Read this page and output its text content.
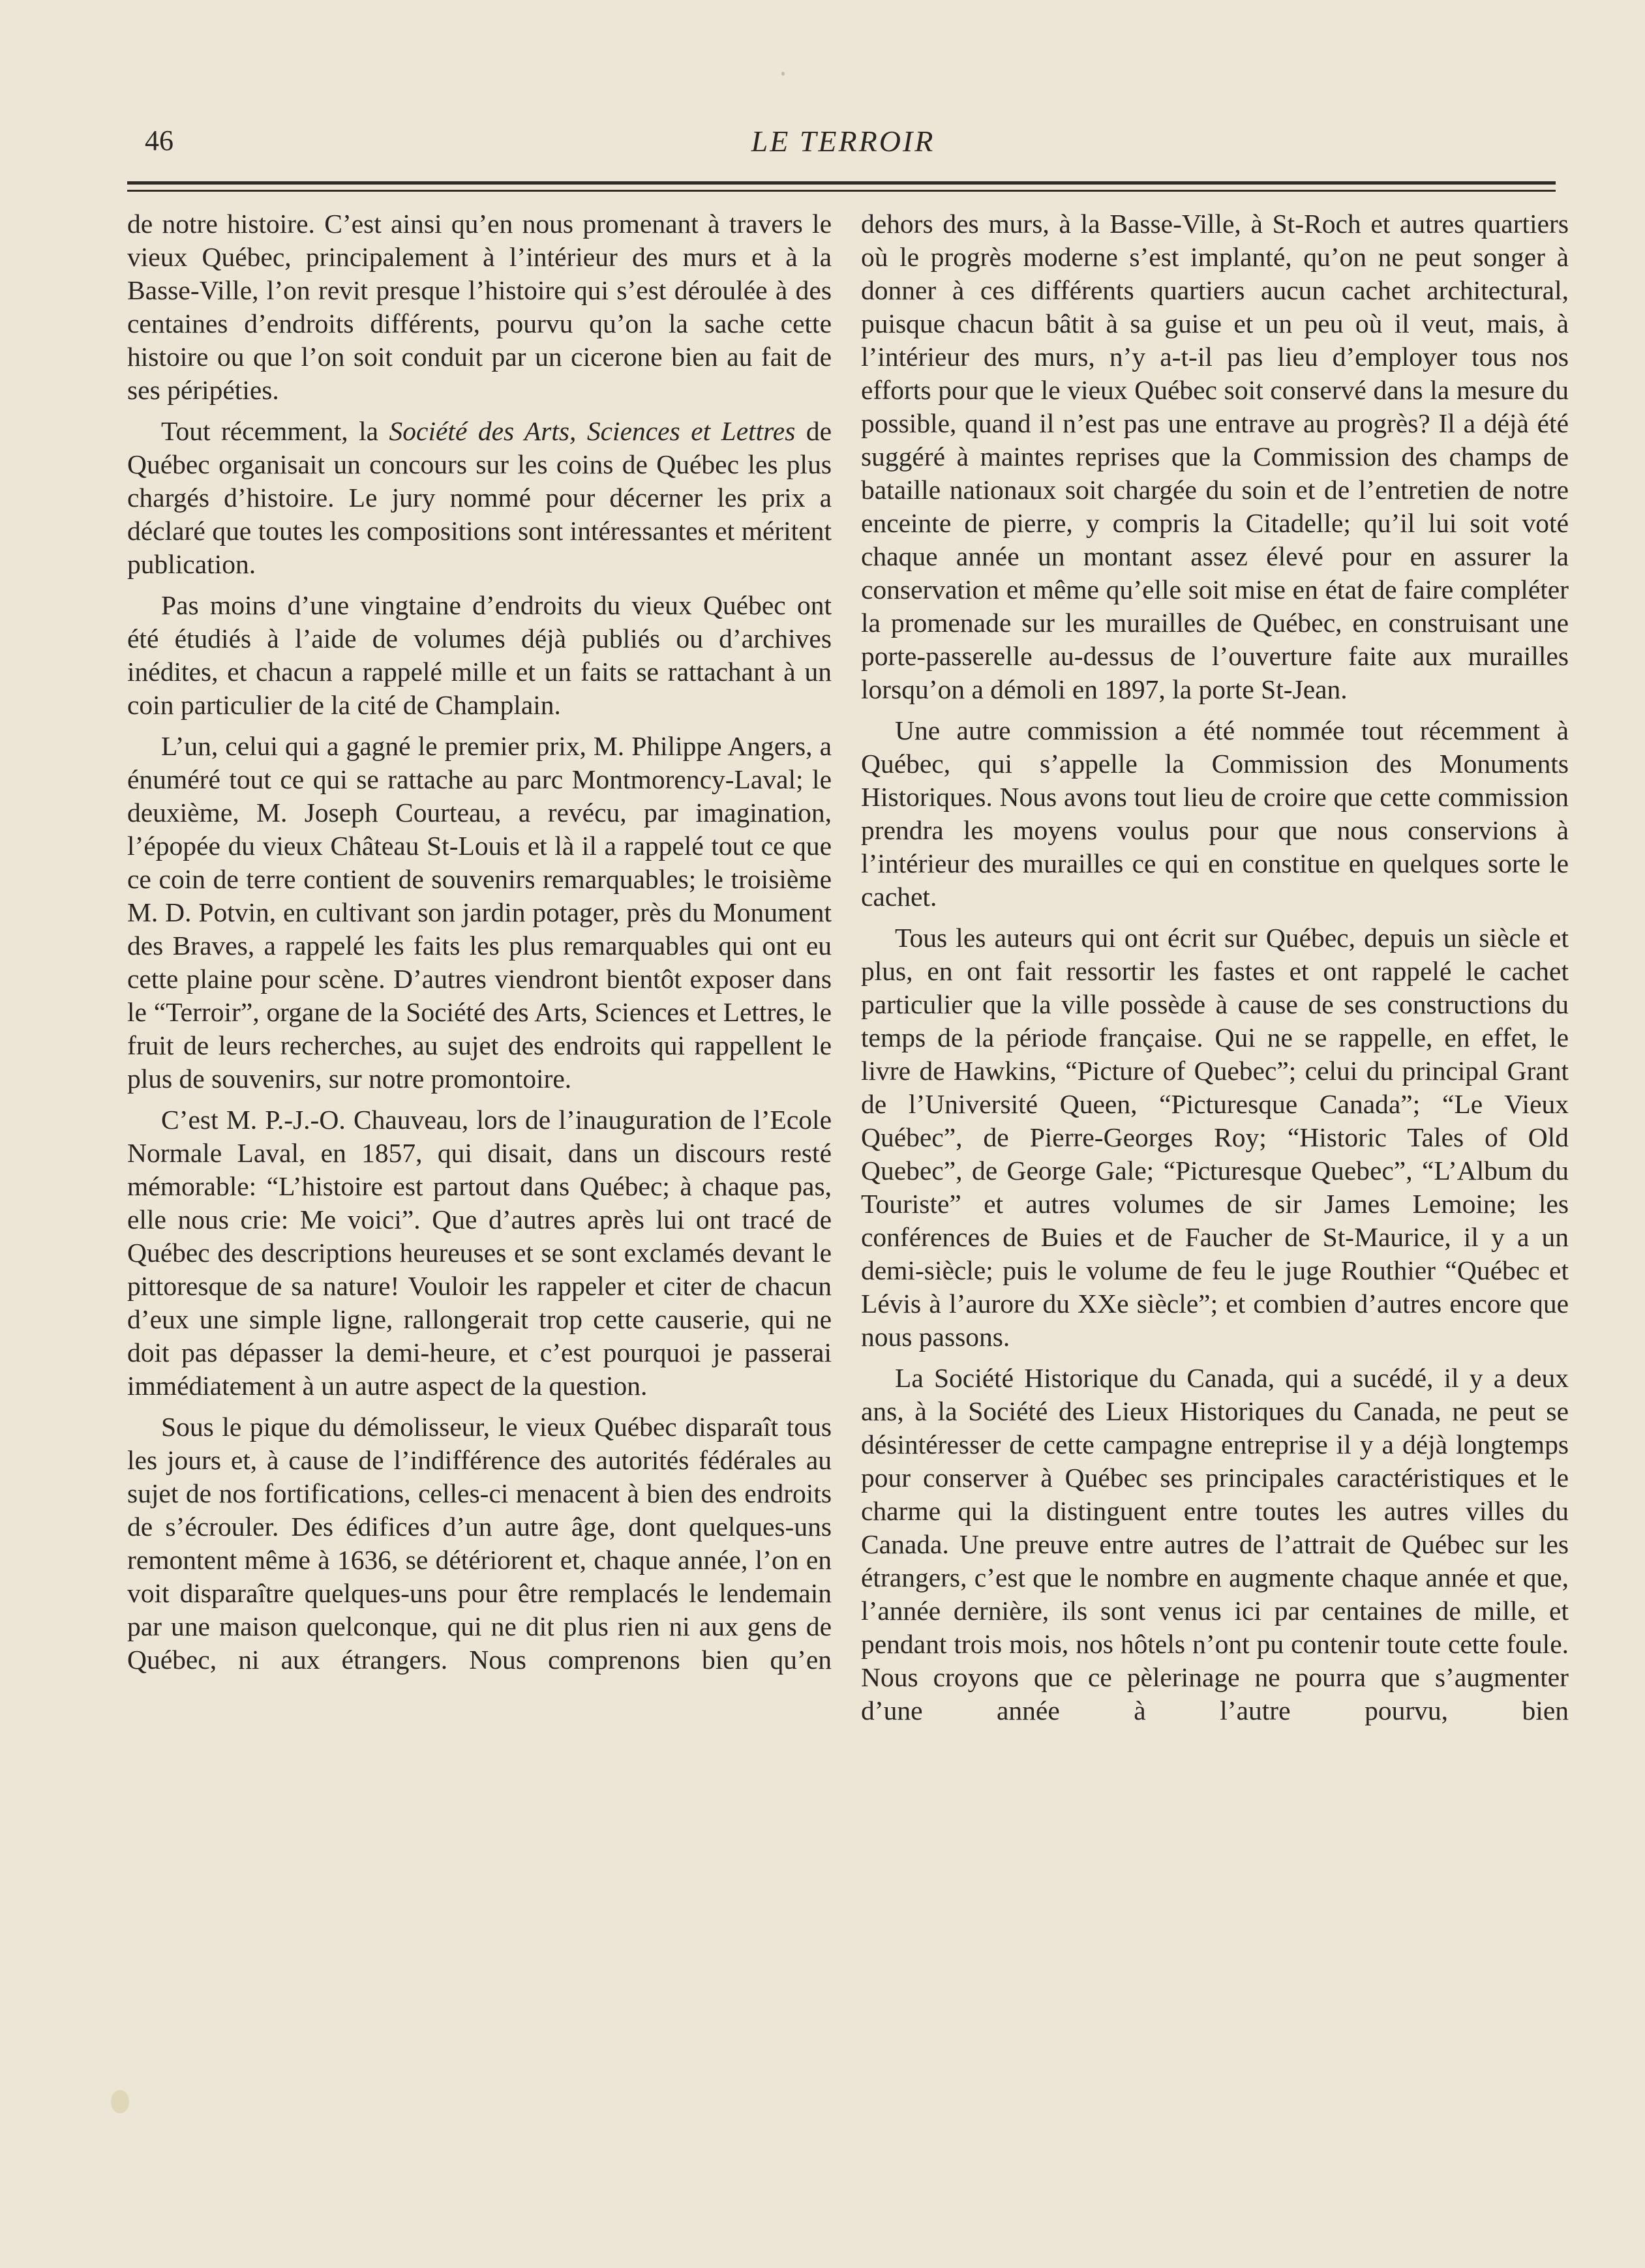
46	LE TERROIR

de notre histoire. C’est ainsi qu’en nous promenant à travers le vieux Québec, principalement à l’intérieur des murs et à la Basse-Ville, l’on revit presque l’histoire qui s’est déroulée à des centaines d’endroits différents, pourvu qu’on la sache cette histoire ou que l’on soit conduit par un cicerone bien au fait de ses péripéties.

Tout récemment, la Société des Arts, Sciences et Lettres de Québec organisait un concours sur les coins de Québec les plus chargés d’histoire. Le jury nommé pour décerner les prix a déclaré que toutes les compositions sont intéressantes et méritent publication.

Pas moins d’une vingtaine d’endroits du vieux Québec ont été étudiés à l’aide de volumes déjà publiés ou d’archives inédites, et chacun a rappelé mille et un faits se rattachant à un coin particulier de la cité de Champlain.

L’un, celui qui a gagné le premier prix, M. Philippe Angers, a énuméré tout ce qui se rattache au parc Montmorency-Laval; le deuxième, M. Joseph Courteau, a revécu, par imagination, l’épopée du vieux Château St-Louis et là il a rappelé tout ce que ce coin de terre contient de souvenirs remarquables; le troisième M. D. Potvin, en cultivant son jardin potager, près du Monument des Braves, a rappelé les faits les plus remarquables qui ont eu cette plaine pour scène. D’autres viendront bientôt exposer dans le “Terroir”, organe de la Société des Arts, Sciences et Lettres, le fruit de leurs recherches, au sujet des endroits qui rappellent le plus de souvenirs, sur notre promontoire.

C’est M. P.-J.-O. Chauveau, lors de l’inauguration de l’Ecole Normale Laval, en 1857, qui disait, dans un discours resté mémorable: “L’histoire est partout dans Québec; à chaque pas, elle nous crie: Me voici”. Que d’autres après lui ont tracé de Québec des descriptions heureuses et se sont exclamés devant le pittoresque de sa nature! Vouloir les rappeler et citer de chacun d’eux une simple ligne, rallongerait trop cette causerie, qui ne doit pas dépasser la demi-heure, et c’est pourquoi je passerai immédiatement à un autre aspect de la question.

Sous le pique du démolisseur, le vieux Québec disparaît tous les jours et, à cause de l’indifférence des autorités fédérales au sujet de nos fortifications, celles-ci menacent à bien des endroits de s’écrouler. Des édifices d’un autre âge, dont quelques-uns remontent même à 1636, se détériorent et, chaque année, l’on en voit disparaître quelques-uns pour être remplacés le lendemain par une maison quelconque, qui ne dit plus rien ni aux gens de Québec, ni aux étrangers. Nous comprenons bien qu’en

dehors des murs, à la Basse-Ville, à St-Roch et autres quartiers où le progrès moderne s’est implanté, qu’on ne peut songer à donner à ces différents quartiers aucun cachet architectural, puisque chacun bâtit à sa guise et un peu où il veut, mais, à l’intérieur des murs, n’y a-t-il pas lieu d’employer tous nos efforts pour que le vieux Québec soit conservé dans la mesure du possible, quand il n’est pas une entrave au progrès? Il a déjà été suggéré à maintes reprises que la Commission des champs de bataille nationaux soit chargée du soin et de l’entretien de notre enceinte de pierre, y compris la Citadelle; qu’il lui soit voté chaque année un montant assez élevé pour en assurer la conservation et même qu’elle soit mise en état de faire compléter la promenade sur les murailles de Québec, en construisant une porte-passerelle au-dessus de l’ouverture faite aux murailles lorsqu’on a démoli en 1897, la porte St-Jean.

Une autre commission a été nommée tout récemment à Québec, qui s’appelle la Commission des Monuments Historiques. Nous avons tout lieu de croire que cette commission prendra les moyens voulus pour que nous conservions à l’intérieur des murailles ce qui en constitue en quelques sorte le cachet.

Tous les auteurs qui ont écrit sur Québec, depuis un siècle et plus, en ont fait ressortir les fastes et ont rappelé le cachet particulier que la ville possède à cause de ses constructions du temps de la période française. Qui ne se rappelle, en effet, le livre de Hawkins, “Picture of Quebec”; celui du principal Grant de l’Université Queen, “Picturesque Canada”; “Le Vieux Québec”, de Pierre-Georges Roy; “Historic Tales of Old Quebec”, de George Gale; “Picturesque Quebec”, “L’Album du Touriste” et autres volumes de sir James Lemoine; les conférences de Buies et de Faucher de St-Maurice, il y a un demi-siècle; puis le volume de feu le juge Routhier “Québec et Lévis à l’aurore du XXe siècle”; et combien d’autres encore que nous passons.

La Société Historique du Canada, qui a sucédé, il y a deux ans, à la Société des Lieux Historiques du Canada, ne peut se désintéresser de cette campagne entreprise il y a déjà longtemps pour conserver à Québec ses principales caractéristiques et le charme qui la distinguent entre toutes les autres villes du Canada. Une preuve entre autres de l’attrait de Québec sur les étrangers, c’est que le nombre en augmente chaque année et que, l’année dernière, ils sont venus ici par centaines de mille, et pendant trois mois, nos hôtels n’ont pu contenir toute cette foule. Nous croyons que ce pèlerinage ne pourra que s’augmenter d’une année à l’autre pourvu, bien
